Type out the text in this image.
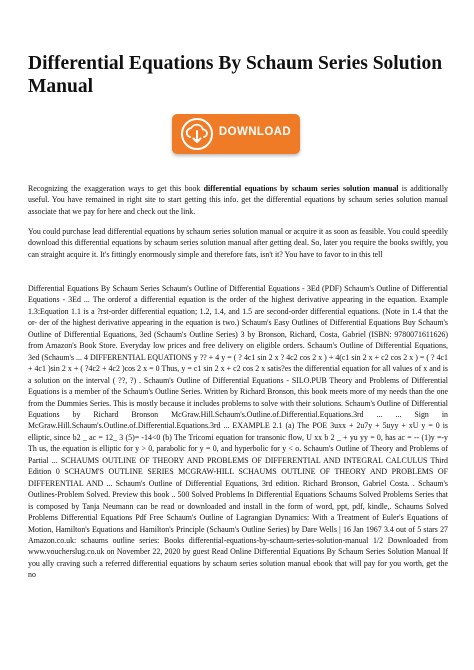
Differential Equations By Schaum Series Solution Manual
DOWNLOAD

Recognizing the exaggeration ways to get this book differential equations by schaum series solution manual is additionally useful. You have remained in right site to start getting this info. get the differential equations by schaum series solution manual associate that we pay for here and check out the link.

You could purchase lead differential equations by schaum series solution manual or acquire it as soon as feasible. You could speedily download this differential equations by schaum series solution manual after getting deal. So, later you require the books swiftly, you can straight acquire it. It's fittingly enormously simple and therefore fats, isn't it? You have to favor to in this tell

Differential Equations By Schaum Series Schaum's Outline of Differential Equations - 3Ed (PDF) Schaum's Outline of Differential Equations - 3Ed ... The orderof a differential equation is the order of the highest derivative appearing in the equation. Example 1.3:Equation 1.1 is a ?rst-order differential equation; 1.2, 1.4, and 1.5 are second-order differential equations. (Note in 1.4 that the or- der of the highest derivative appearing in the equation is two.) Schaum's Easy Outlines of Differential Equations Buy Schaum's Outline of Differential Equations, 3ed (Schaum's Outline Series) 3 by Bronson, Richard, Costa, Gabriel (ISBN: 9780071611626) from Amazon's Book Store. Everyday low prices and free delivery on eligible orders. Schaum's Outline of Differential Equations, 3ed (Schaum's ... 4 DIFFERENTIAL EQUATIONS y ?? + 4 y = ( ? 4c1 sin 2 x ? 4c2 cos 2 x ) + 4(c1 sin 2 x + c2 cos 2 x ) = ( ? 4c1 + 4c1 )sin 2 x + ( ?4c2 + 4c2 )cos 2 x = 0 Thus, y = c1 sin 2 x + c2 cos 2 x satis?es the differential equation for all values of x and is a solution on the interval ( ??, ?) . Schaum's Outline of Differential Equations - SILO.PUB Theory and Problems of Differential Equations is a member of the Schaum's Outline Series. Written by Richard Bronson, this book meets more of my needs than the one from the Dummies Series. This is mostly because it includes problems to solve with their solutions. Schaum's Outline of Differential Equations by Richard Bronson McGraw.Hill.Schaum's.Outline.of.Differential.Equations.3rd ... ... Sign in McGraw.Hill.Schaum's.Outline.of.Differential.Equations.3rd ... EXAMPLE 2.1 (a) The POE 3uxx + 2u7y + 5uyy + xU y = 0 is elliptic, since b2 _ ac = 12_ 3 (5)= -14<0 (b) The Tricomi equation for transonic flow, U xx b 2 _ + yu yy = 0, has ac = -- (1)y =-y Th us, the equation is elliptic for y > 0, parabolic for y = 0, and hyperbolic for y < o. Schaum's Outline of Theory and Problems of Partial ... SCHAUMS OUTLINE OF THEORY AND PROBLEMS OF DIFFERENTIAL AND INTEGRAL CALCULUS Third Edition 0 SCHAUM'S OUTLINE SERIES MCGRAW-HILL SCHAUMS OUTLINE OF THEORY AND PROBLEMS OF DIFFERENTIAL AND ... Schaum's Outline of Differential Equations, 3rd edition. Richard Bronson, Gabriel Costa. . Schaum's Outlines-Problem Solved. Preview this book .. 500 Solved Problems In Differential Equations Schaums Solved Problems Series that is composed by Tanja Neumann can be read or downloaded and install in the form of word, ppt, pdf, kindle,. Schaums Solved Problems Differential Equations Pdf Free Schaum's Outline of Lagrangian Dynamics: With a Treatment of Euler's Equations of Motion, Hamilton's Equations and Hamilton's Principle (Schaum's Outline Series) by Dare Wells | 16 Jan 1967 3.4 out of 5 stars 27 Amazon.co.uk: schaums outline series: Books differential-equations-by-schaum-series-solution-manual 1/2 Downloaded from www.voucherslug.co.uk on November 22, 2020 by guest Read Online Differential Equations By Schaum Series Solution Manual If you ally craving such a referred differential equations by schaum series solution manual ebook that will pay for you worth, get the no
